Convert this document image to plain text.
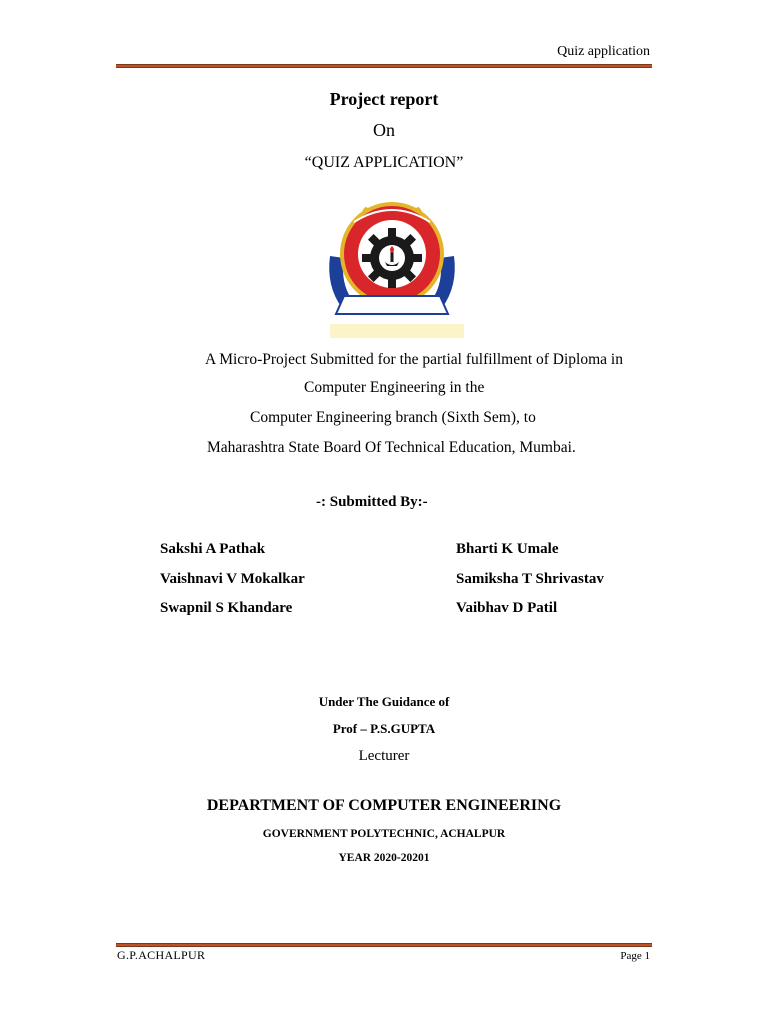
Quiz application
Project report
On
“QUIZ APPLICATION”
A Micro-Project Submitted for the partial fulfillment of Diploma in
Computer Engineering in the
Computer Engineering branch (Sixth Sem), to
Maharashtra State Board Of Technical Education, Mumbai.
-: Submitted By:-
Sakshi A Pathak
Vaishnavi V Mokalkar
Swapnil S Khandare
Bharti K Umale
Samiksha T Shrivastav
Vaibhav D Patil
Under The Guidance of
Prof – P.S.GUPTA
Lecturer
DEPARTMENT OF COMPUTER ENGINEERING
GOVERNMENT POLYTECHNIC, ACHALPUR
YEAR 2020-20201
G.P.ACHALPUR	Page 1
